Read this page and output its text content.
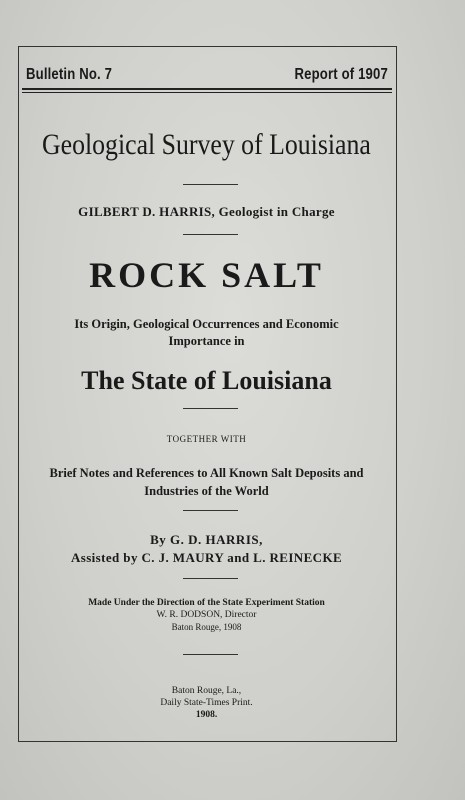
Bulletin No. 7	Report of 1907
Geological Survey of Louisiana
GILBERT D. HARRIS, Geologist in Charge
ROCK SALT
Its Origin, Geological Occurrences and Economic
Importance in
The State of Louisiana
TOGETHER WITH
Brief Notes and References to All Known Salt Deposits and
Industries of the World
By G. D. HARRIS,
Assisted by C. J. MAURY and L. REINECKE
Made Under the Direction of the State Experiment Station
W. R. DODSON, Director
Baton Rouge, 1908
Baton Rouge, La.,
Daily State-Times Print.
1908.
